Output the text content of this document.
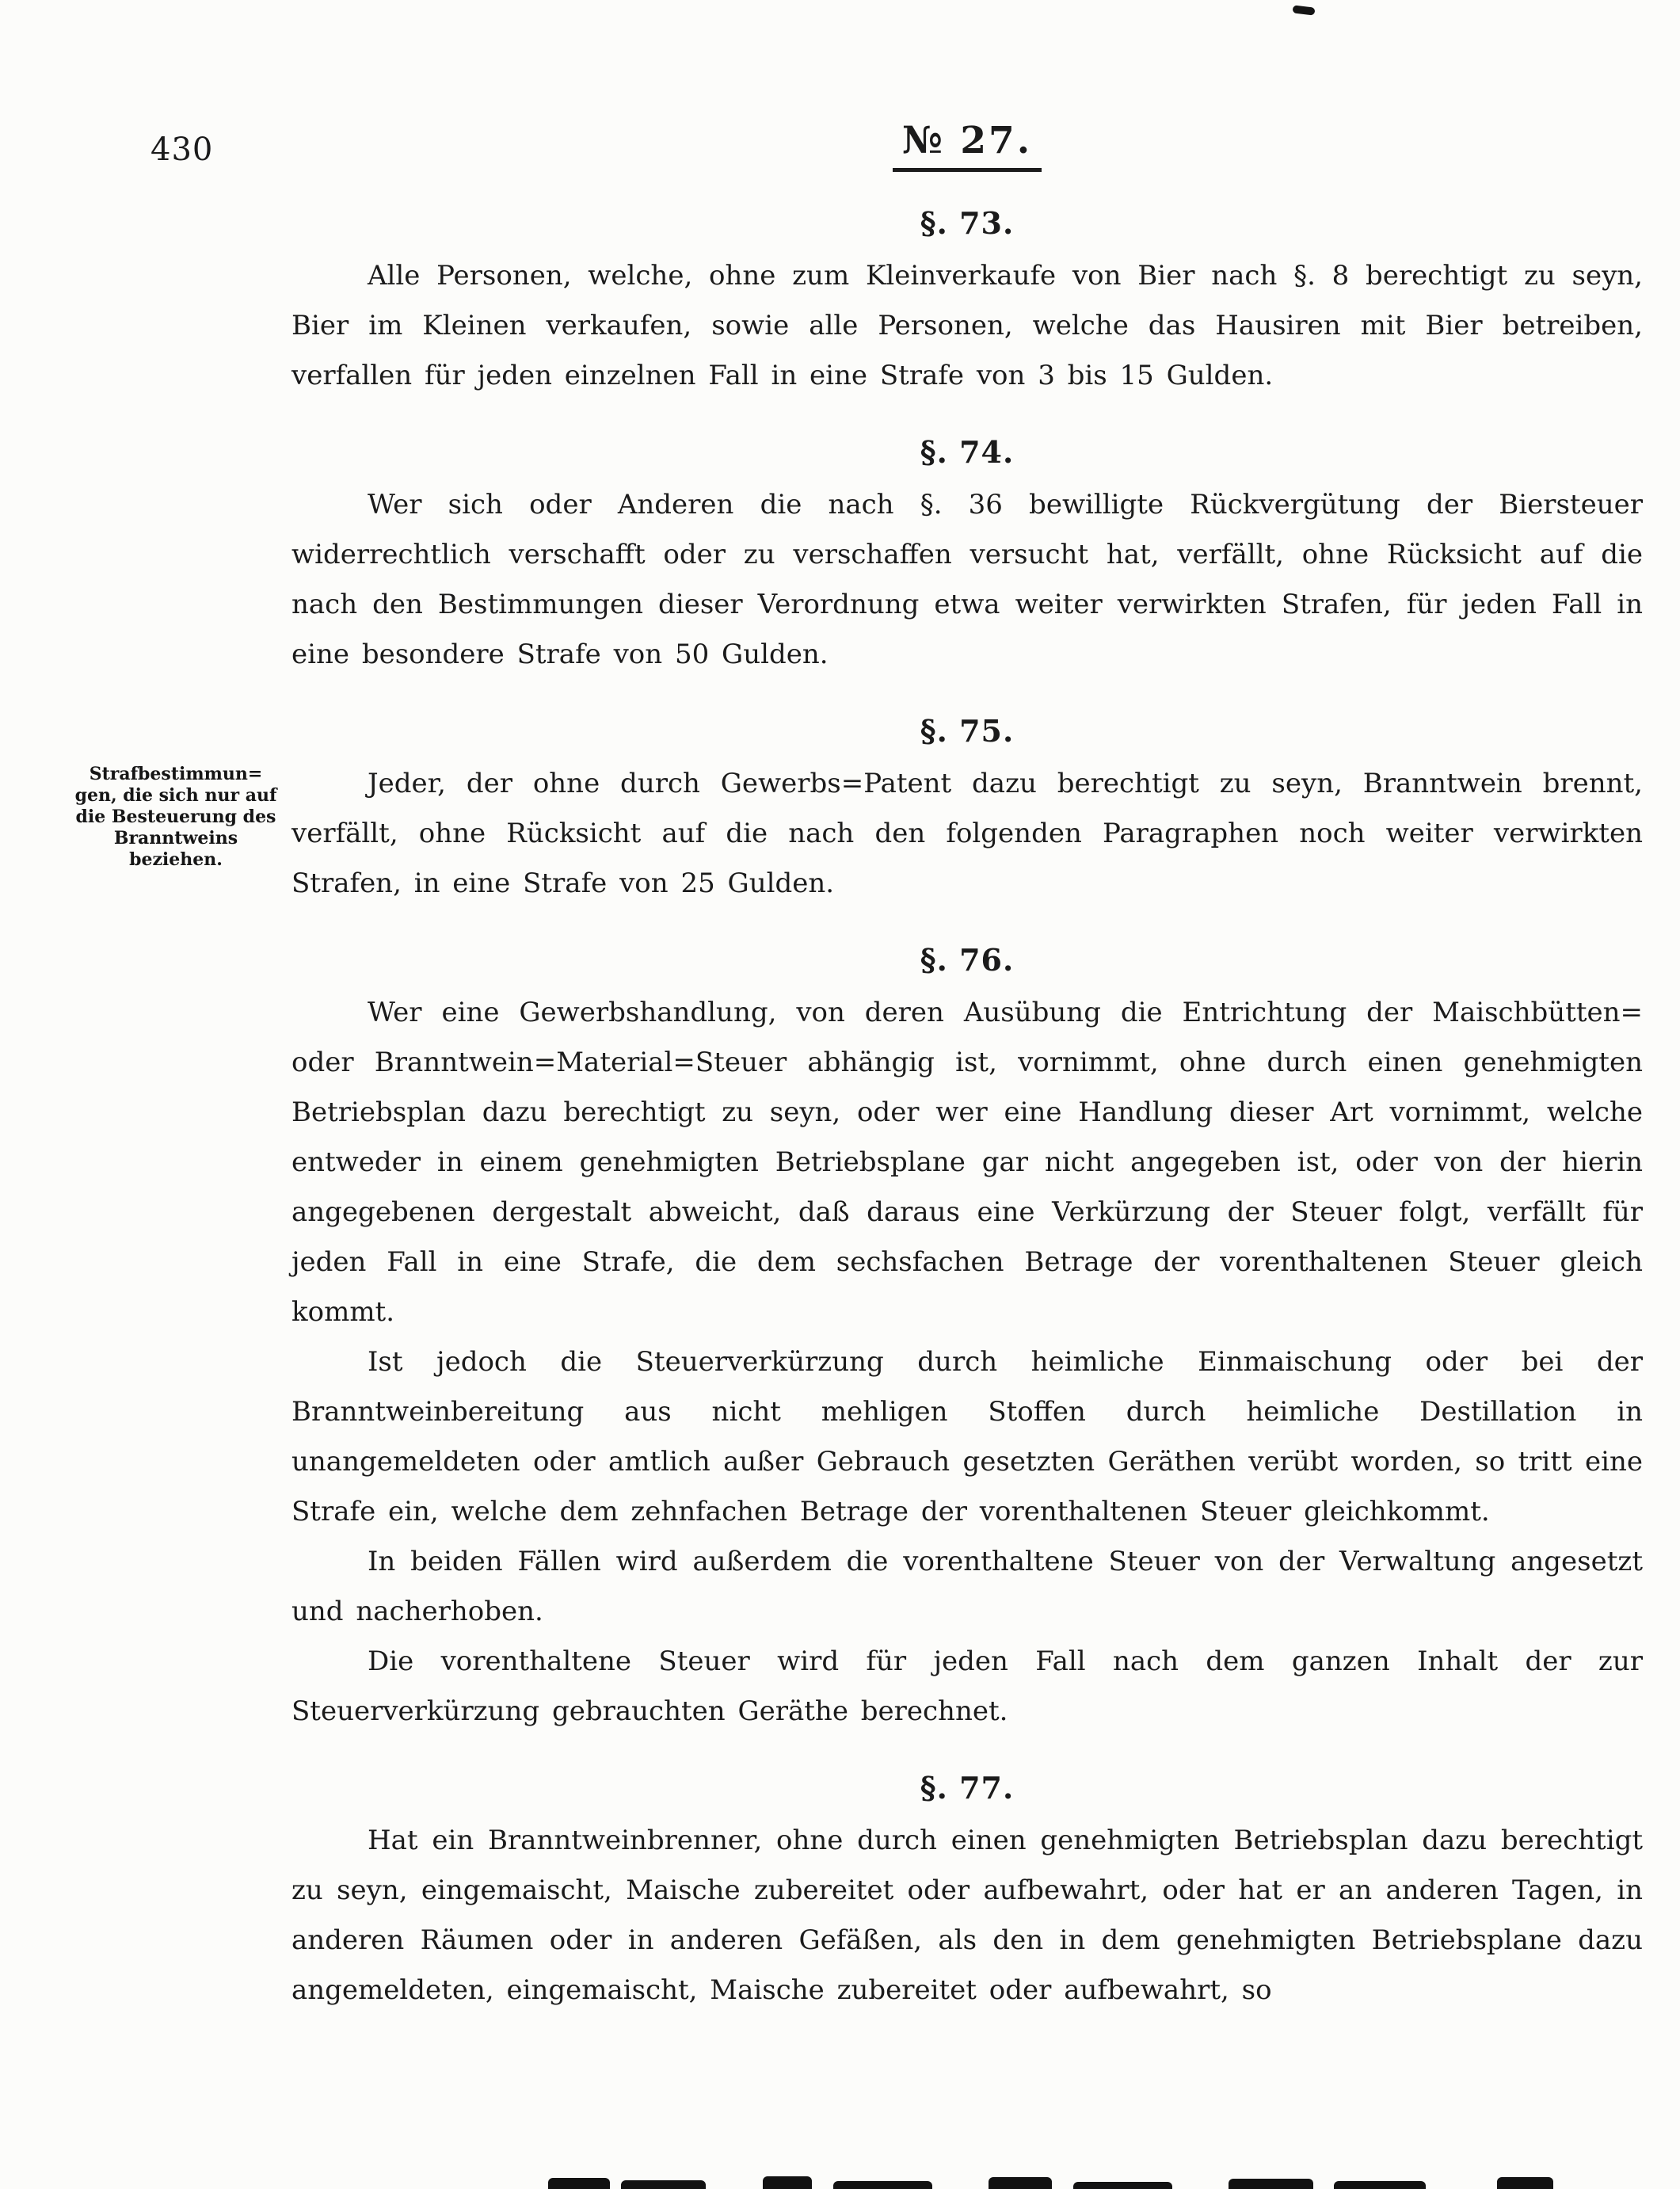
430	№ 27.
§. 73.

Alle Personen, welche, ohne zum Kleinverkaufe von Bier nach §. 8 berechtigt zu seyn, Bier im Kleinen verkaufen, sowie alle Personen, welche das Hausiren mit Bier betreiben, verfallen für jeden einzelnen Fall in eine Strafe von 3 bis 15 Gulden.

§. 74.

Wer sich oder Anderen die nach §. 36 bewilligte Rückvergütung der Biersteuer widerrechtlich verschafft oder zu verschaffen versucht hat, verfällt, ohne Rücksicht auf die nach den Bestimmungen dieser Verordnung etwa weiter verwirkten Strafen, für jeden Fall in eine besondere Strafe von 50 Gulden.

§. 75.
Strafbestimmun=
gen, die sich nur auf
die Besteuerung des
Branntweins
beziehen.

Jeder, der ohne durch Gewerbs=Patent dazu berechtigt zu seyn, Branntwein brennt, verfällt, ohne Rücksicht auf die nach den folgenden Paragraphen noch weiter verwirkten Strafen, in eine Strafe von 25 Gulden.

§. 76.

Wer eine Gewerbshandlung, von deren Ausübung die Entrichtung der Maischbütten= oder Branntwein=Material=Steuer abhängig ist, vornimmt, ohne durch einen genehmigten Betriebsplan dazu berechtigt zu seyn, oder wer eine Handlung dieser Art vornimmt, welche entweder in einem genehmigten Betriebsplane gar nicht angegeben ist, oder von der hierin angegebenen dergestalt abweicht, daß daraus eine Verkürzung der Steuer folgt, verfällt für jeden Fall in eine Strafe, die dem sechsfachen Betrage der vorenthaltenen Steuer gleich kommt.

Ist jedoch die Steuerverkürzung durch heimliche Einmaischung oder bei der Branntweinbereitung aus nicht mehligen Stoffen durch heimliche Destillation in unangemeldeten oder amtlich außer Gebrauch gesetzten Geräthen verübt worden, so tritt eine Strafe ein, welche dem zehnfachen Betrage der vorenthaltenen Steuer gleichkommt.

In beiden Fällen wird außerdem die vorenthaltene Steuer von der Verwaltung angesetzt und nacherhoben.

Die vorenthaltene Steuer wird für jeden Fall nach dem ganzen Inhalt der zur Steuerverkürzung gebrauchten Geräthe berechnet.

§. 77.

Hat ein Branntweinbrenner, ohne durch einen genehmigten Betriebsplan dazu berechtigt zu seyn, eingemaischt, Maische zubereitet oder aufbewahrt, oder hat er an anderen Tagen, in anderen Räumen oder in anderen Gefäßen, als den in dem genehmigten Betriebsplane dazu angemeldeten, eingemaischt, Maische zubereitet oder aufbewahrt, so
